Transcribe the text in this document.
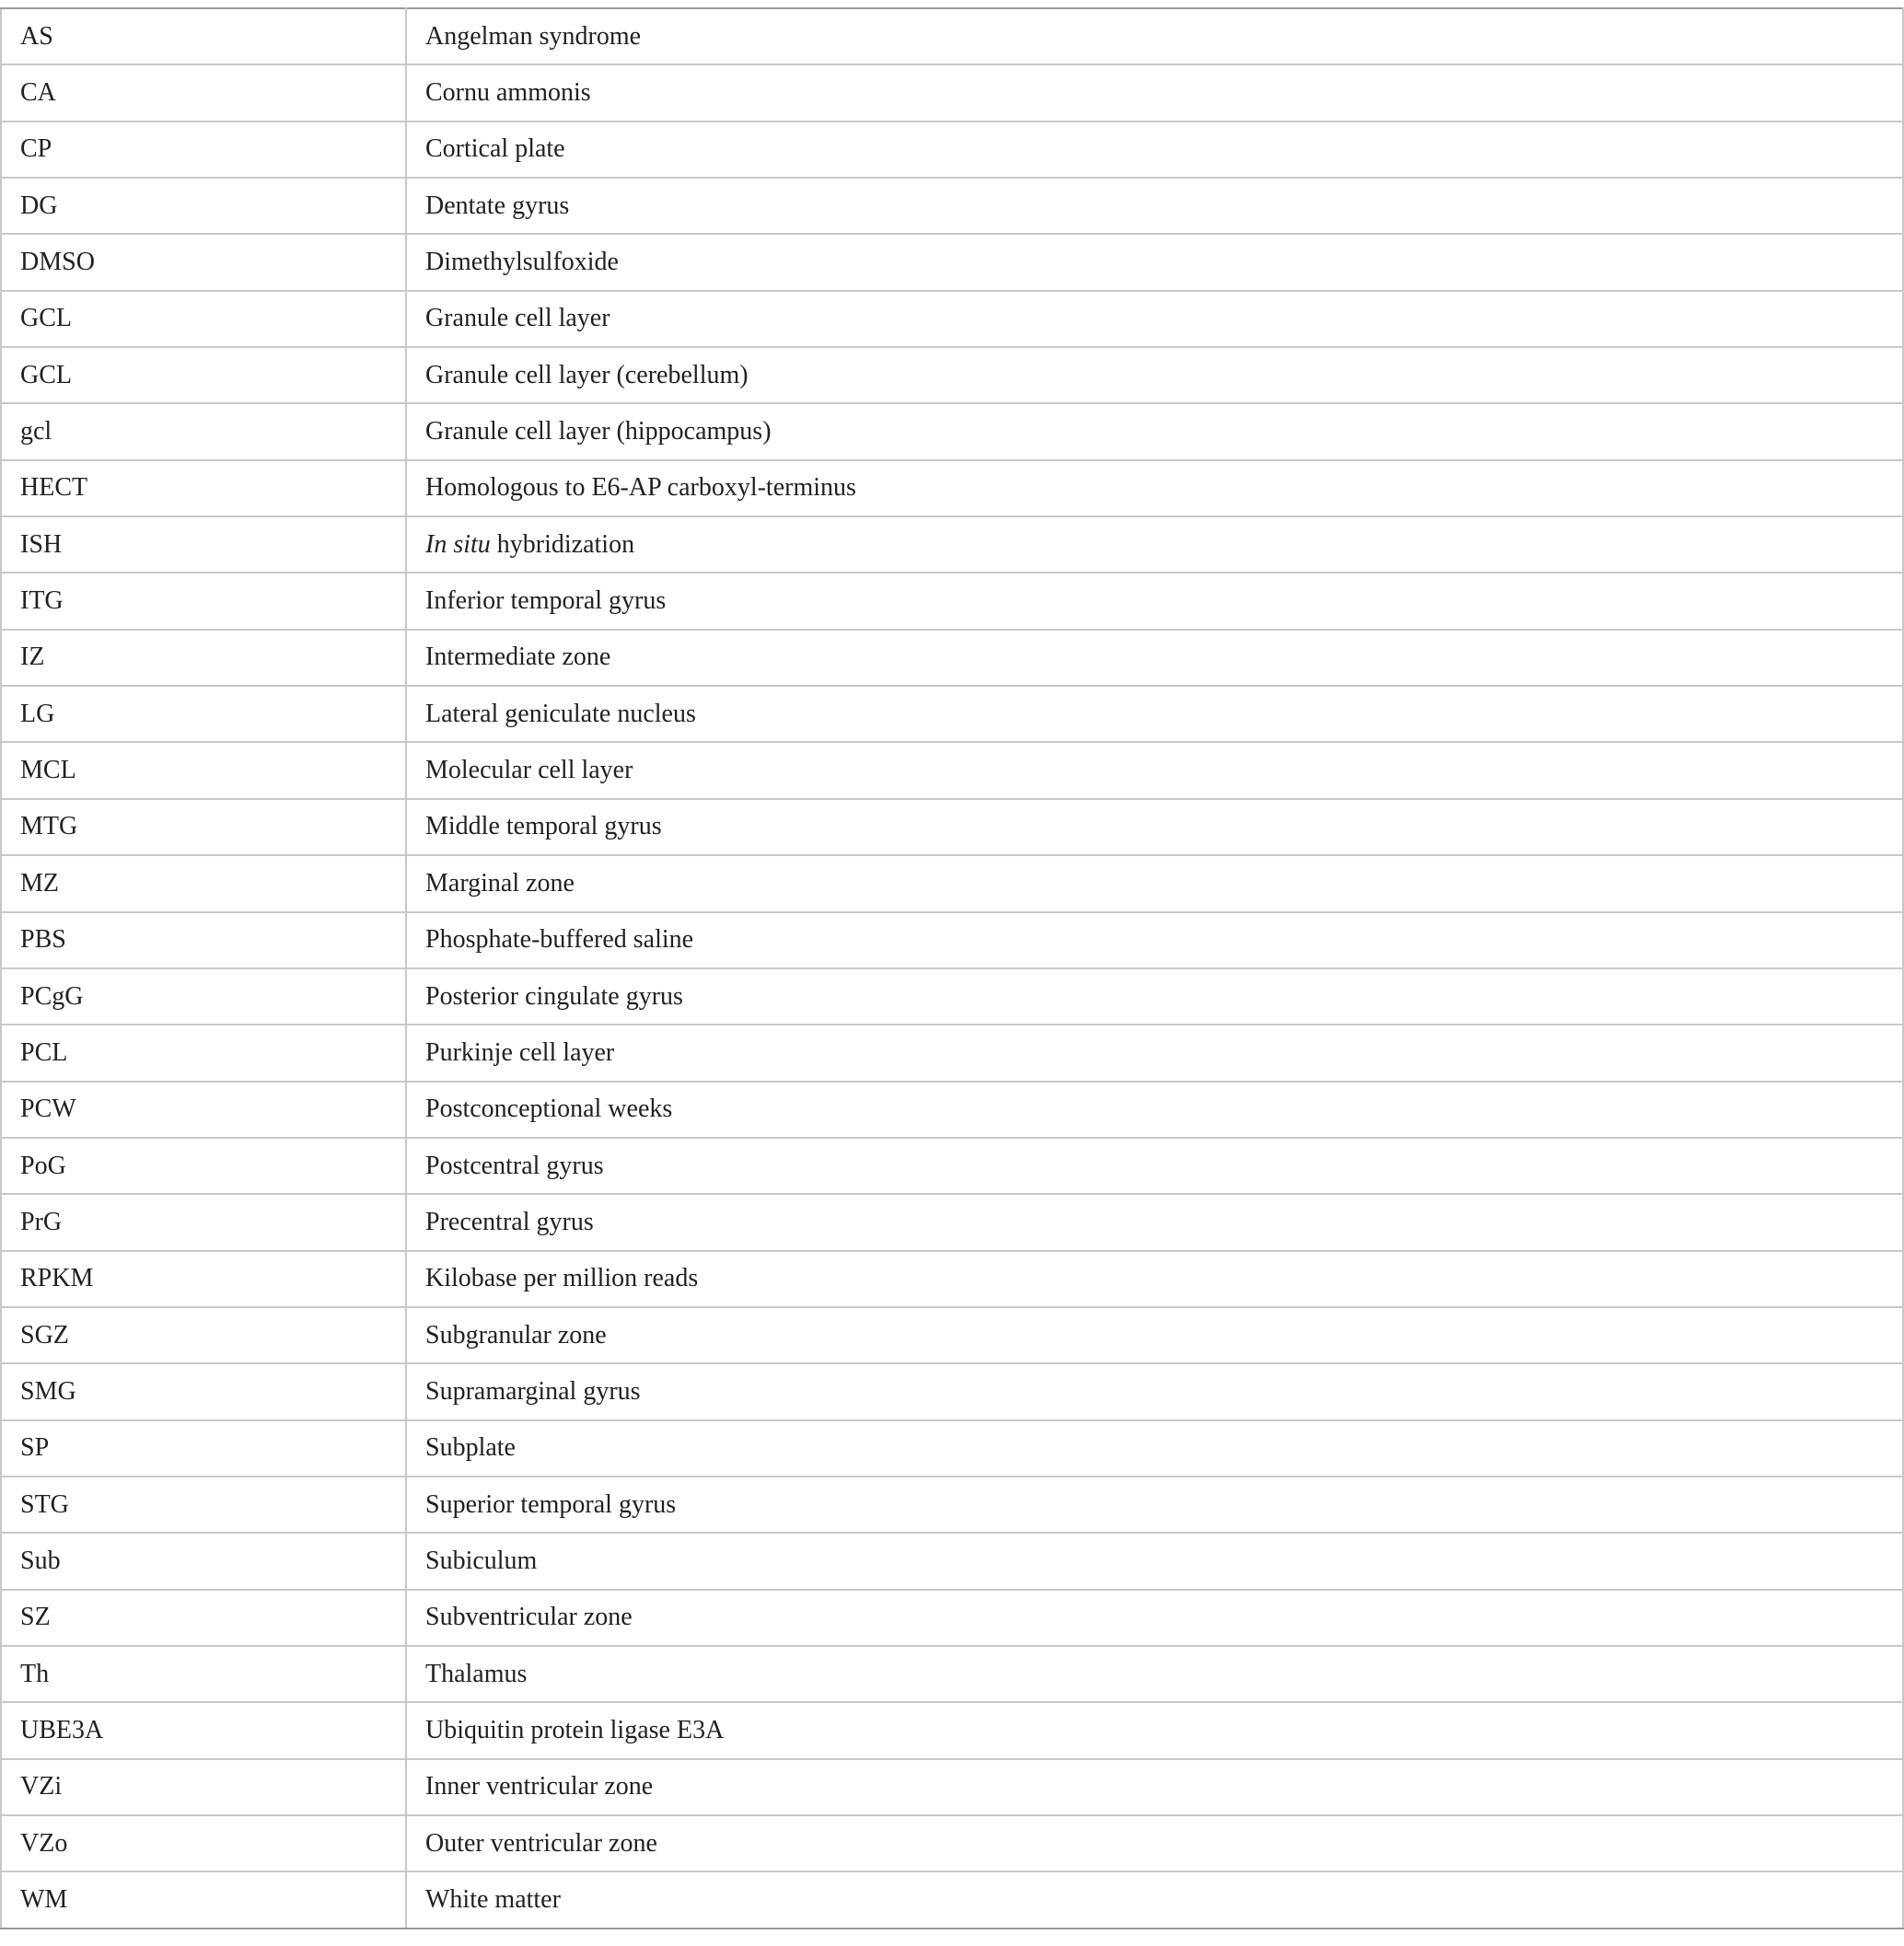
AS	Angelman syndrome
CA	Cornu ammonis
CP	Cortical plate
DG	Dentate gyrus
DMSO	Dimethylsulfoxide
GCL	Granule cell layer
GCL	Granule cell layer (cerebellum)
gcl	Granule cell layer (hippocampus)
HECT	Homologous to E6-AP carboxyl-terminus
ISH	In situ hybridization
ITG	Inferior temporal gyrus
IZ	Intermediate zone
LG	Lateral geniculate nucleus
MCL	Molecular cell layer
MTG	Middle temporal gyrus
MZ	Marginal zone
PBS	Phosphate-buffered saline
PCgG	Posterior cingulate gyrus
PCL	Purkinje cell layer
PCW	Postconceptional weeks
PoG	Postcentral gyrus
PrG	Precentral gyrus
RPKM	Kilobase per million reads
SGZ	Subgranular zone
SMG	Supramarginal gyrus
SP	Subplate
STG	Superior temporal gyrus
Sub	Subiculum
SZ	Subventricular zone
Th	Thalamus
UBE3A	Ubiquitin protein ligase E3A
VZi	Inner ventricular zone
VZo	Outer ventricular zone
WM	White matter
